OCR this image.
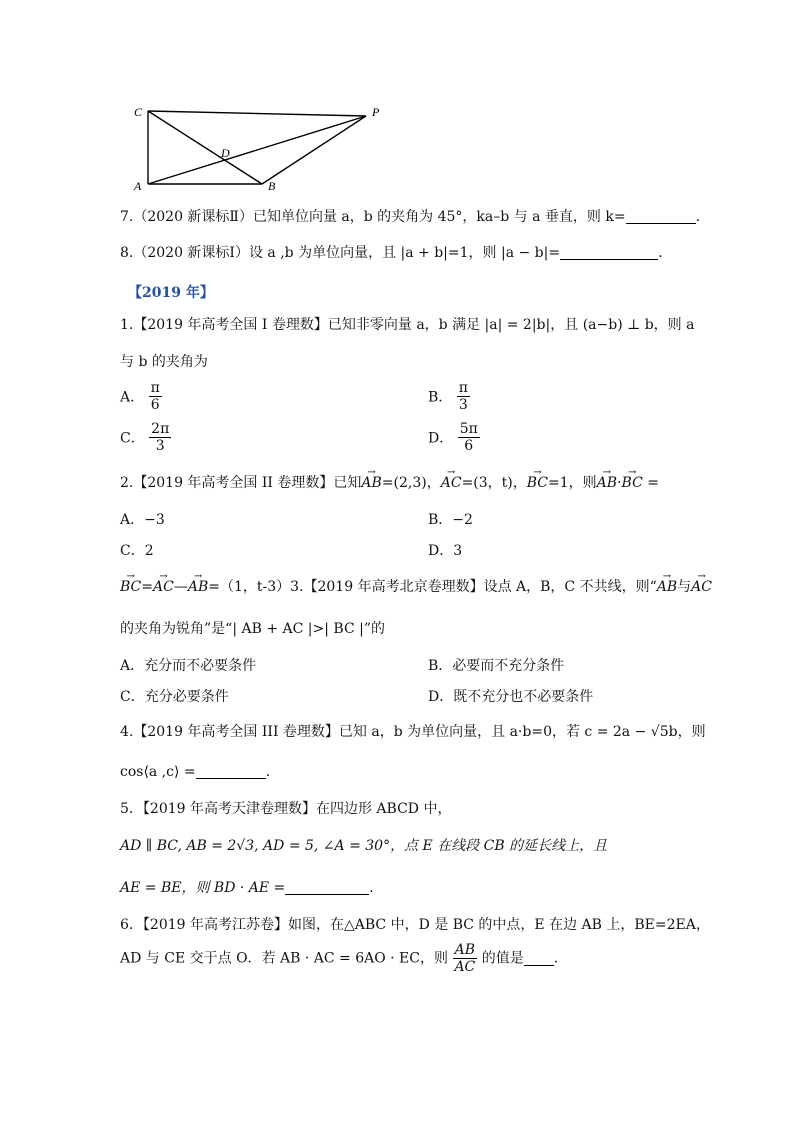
C	P
D
A	B
7.（2020 新课标Ⅱ）已知单位向量 a，b 的夹角为 45°，ka–b 与 a 垂直，则 k=	.
8.（2020 新课标Ⅰ）设 a ,b 为单位向量，且 |a + b|=1，则 |a − b|=	.
【2019 年】
1.【2019 年高考全国 I 卷理数】已知非零向量 a，b 满足 |a| = 2|b|，且 (a−b) ⊥ b，则 a
与 b 的夹角为
A． $\frac{\pi}{6}$	B． $\frac{\pi}{3}$
C． $\frac{2\pi}{3}$	D． $\frac{5\pi}{6}$
2.【2019 年高考全国 II 卷理数】已知→ AB=(2,3)，→ AC=(3，t)，→ BC=1，则→ AB·→ BC =
A．−3	B．−2
C．2	D．3
→ BC=→ AC—→ AB=（1，t-3）3.【2019 年高考北京卷理数】设点 A，B，C 不共线，则“→ AB与→ AC
的夹角为锐角”是“| AB + AC |>| BC |”的
A．充分而不必要条件	B．必要而不充分条件
C．充分必要条件	D．既不充分也不必要条件
4.【2019 年高考全国 III 卷理数】已知 a，b 为单位向量，且 a·b=0，若 c = 2a − √5b，则
cos⟨a ,c⟩ =	.
5．【2019 年高考天津卷理数】在四边形 ABCD 中，
AD ∥ BC, AB = 2√3, AD = 5, ∠A = 30°，点 E 在线段 CB 的延长线上，且
AE = BE，则 BD · AE =	.
6．【2019 年高考江苏卷】如图，在△ABC 中，D 是 BC 的中点，E 在边 AB 上，BE=2EA，
AD 与 CE 交于点 O．若 AB · AC = 6AO · EC，则 $\frac{AB}{AC}$ 的值是 .
